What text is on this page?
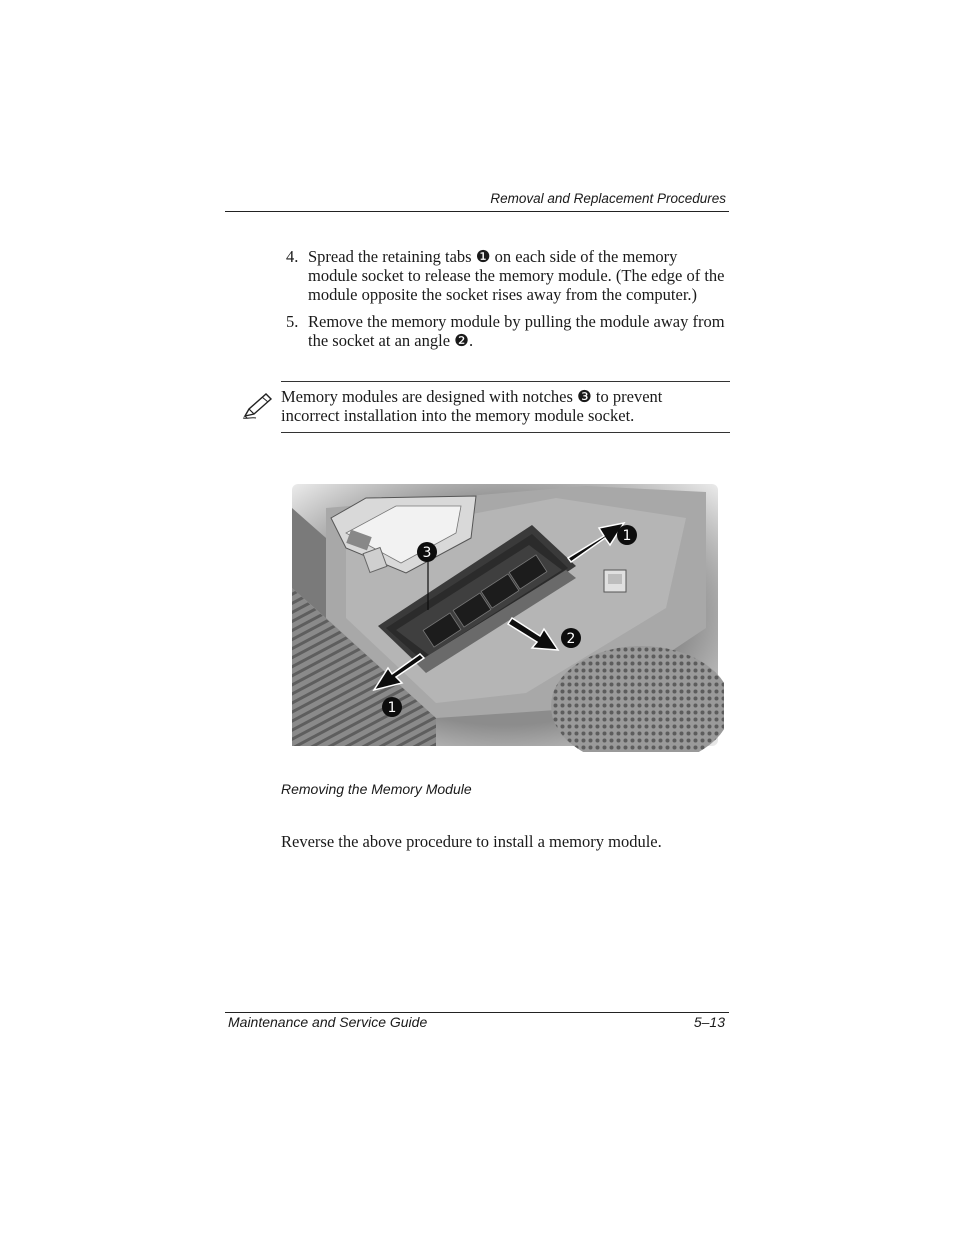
Removal and Replacement Procedures
4. Spread the retaining tabs ❶ on each side of the memory module socket to release the memory module. (The edge of the module opposite the socket rises away from the computer.)
5. Remove the memory module by pulling the module away from the socket at an angle ❷.
Memory modules are designed with notches ❸ to prevent incorrect installation into the memory module socket.
3
1
2
1
Removing the Memory Module
Reverse the above procedure to install a memory module.
Maintenance and Service Guide	5–13
